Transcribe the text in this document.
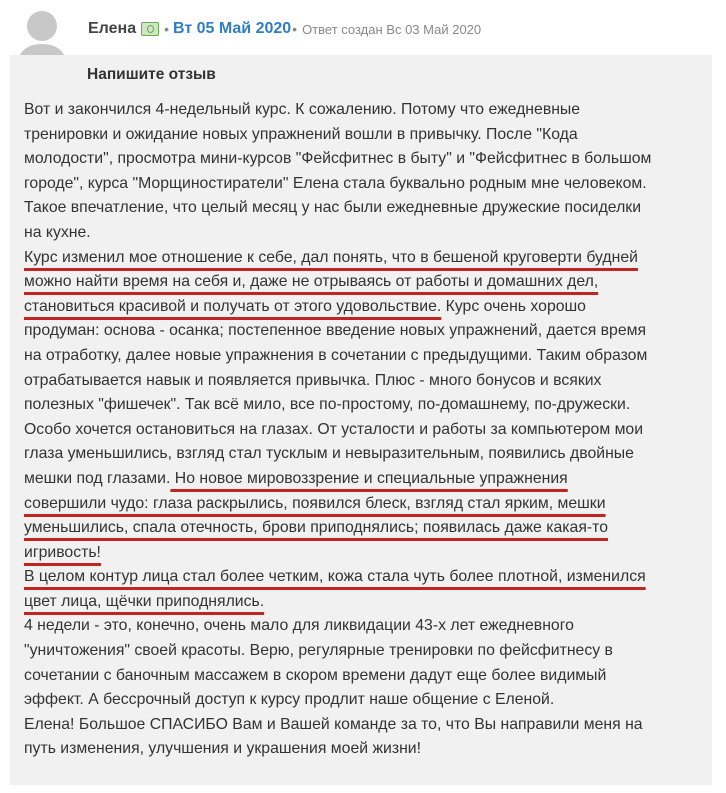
Елена • Вт 05 Май 2020 • Ответ создан Вс 03 Май 2020
Напишите отзыв
Вот и закончился 4-недельный курс. К сожалению. Потому что ежедневные
тренировки и ожидание новых упражнений вошли в привычку. После "Кода
молодости", просмотра мини-курсов "Фейсфитнес в быту" и "Фейсфитнес в большом
городе", курса "Морщиностиратели" Елена стала буквально родным мне человеком.
Такое впечатление, что целый месяц у нас были ежедневные дружеские посиделки
на кухне.
Курс изменил мое отношение к себе, дал понять, что в бешеной круговерти будней
можно найти время на себя и, даже не отрываясь от работы и домашних дел,
становиться красивой и получать от этого удовольствие. Курс очень хорошо
продуман: основа - осанка; постепенное введение новых упражнений, дается время
на отработку, далее новые упражнения в сочетании с предыдущими. Таким образом
отрабатывается навык и появляется привычка. Плюс - много бонусов и всяких
полезных "фишечек". Так всё мило, все по-простому, по-домашнему, по-дружески.
Особо хочется остановиться на глазах. От усталости и работы за компьютером мои
глаза уменьшились, взгляд стал тусклым и невыразительным, появились двойные
мешки под глазами. Но новое мировоззрение и специальные упражнения
совершили чудо: глаза раскрылись, появился блеск, взгляд стал ярким, мешки
уменьшились, спала отечность, брови приподнялись; появилась даже какая-то
игривость!
В целом контур лица стал более четким, кожа стала чуть более плотной, изменился
цвет лица, щёчки приподнялись.
4 недели - это, конечно, очень мало для ликвидации 43-х лет ежедневного
"уничтожения" своей красоты. Верю, регулярные тренировки по фейсфитнесу в
сочетании с баночным массажем в скором времени дадут еще более видимый
эффект. А бессрочный доступ к курсу продлит наше общение с Еленой.
Елена! Большое СПАСИБО Вам и Вашей команде за то, что Вы направили меня на
путь изменения, улучшения и украшения моей жизни!
